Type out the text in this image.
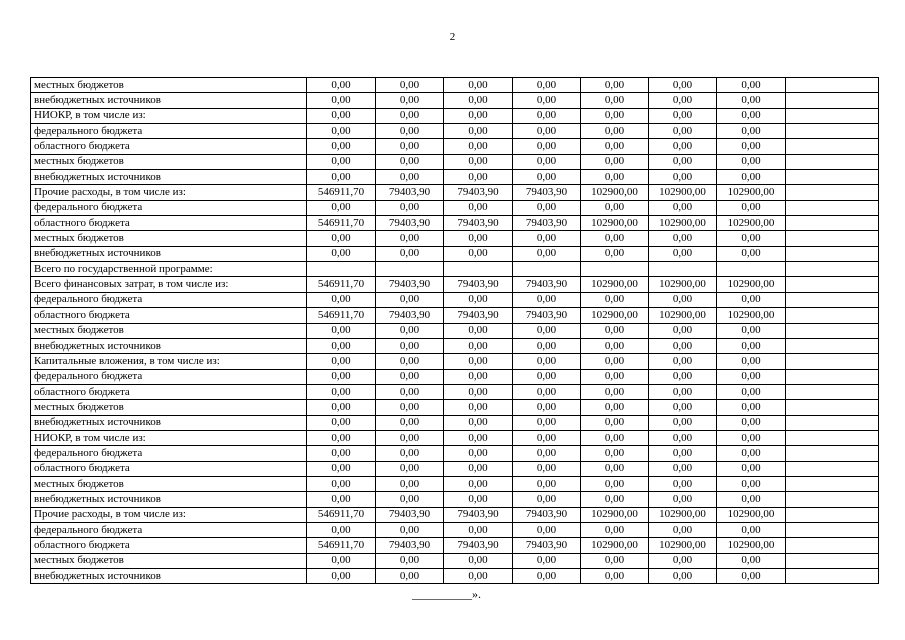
2
местных бюджетов	0,00	0,00	0,00	0,00	0,00	0,00	0,00	
внебюджетных источников	0,00	0,00	0,00	0,00	0,00	0,00	0,00	
НИОКР, в том числе из:	0,00	0,00	0,00	0,00	0,00	0,00	0,00	
федерального бюджета	0,00	0,00	0,00	0,00	0,00	0,00	0,00	
областного бюджета	0,00	0,00	0,00	0,00	0,00	0,00	0,00	
местных бюджетов	0,00	0,00	0,00	0,00	0,00	0,00	0,00	
внебюджетных источников	0,00	0,00	0,00	0,00	0,00	0,00	0,00	
Прочие расходы, в том числе из:	546911,70	79403,90	79403,90	79403,90	102900,00	102900,00	102900,00	
федерального бюджета	0,00	0,00	0,00	0,00	0,00	0,00	0,00	
областного бюджета	546911,70	79403,90	79403,90	79403,90	102900,00	102900,00	102900,00	
местных бюджетов	0,00	0,00	0,00	0,00	0,00	0,00	0,00	
внебюджетных источников	0,00	0,00	0,00	0,00	0,00	0,00	0,00	
Всего по государственной программе:								
Всего финансовых затрат, в том числе из:	546911,70	79403,90	79403,90	79403,90	102900,00	102900,00	102900,00	
федерального бюджета	0,00	0,00	0,00	0,00	0,00	0,00	0,00	
областного бюджета	546911,70	79403,90	79403,90	79403,90	102900,00	102900,00	102900,00	
местных бюджетов	0,00	0,00	0,00	0,00	0,00	0,00	0,00	
внебюджетных источников	0,00	0,00	0,00	0,00	0,00	0,00	0,00	
Капитальные вложения, в том числе из:	0,00	0,00	0,00	0,00	0,00	0,00	0,00	
федерального бюджета	0,00	0,00	0,00	0,00	0,00	0,00	0,00	
областного бюджета	0,00	0,00	0,00	0,00	0,00	0,00	0,00	
местных бюджетов	0,00	0,00	0,00	0,00	0,00	0,00	0,00	
внебюджетных источников	0,00	0,00	0,00	0,00	0,00	0,00	0,00	
НИОКР, в том числе из:	0,00	0,00	0,00	0,00	0,00	0,00	0,00	
федерального бюджета	0,00	0,00	0,00	0,00	0,00	0,00	0,00	
областного бюджета	0,00	0,00	0,00	0,00	0,00	0,00	0,00	
местных бюджетов	0,00	0,00	0,00	0,00	0,00	0,00	0,00	
внебюджетных источников	0,00	0,00	0,00	0,00	0,00	0,00	0,00	
Прочие расходы, в том числе из:	546911,70	79403,90	79403,90	79403,90	102900,00	102900,00	102900,00	
федерального бюджета	0,00	0,00	0,00	0,00	0,00	0,00	0,00	
областного бюджета	546911,70	79403,90	79403,90	79403,90	102900,00	102900,00	102900,00	
местных бюджетов	0,00	0,00	0,00	0,00	0,00	0,00	0,00	
внебюджетных источников	0,00	0,00	0,00	0,00	0,00	0,00	0,00	
__________».
